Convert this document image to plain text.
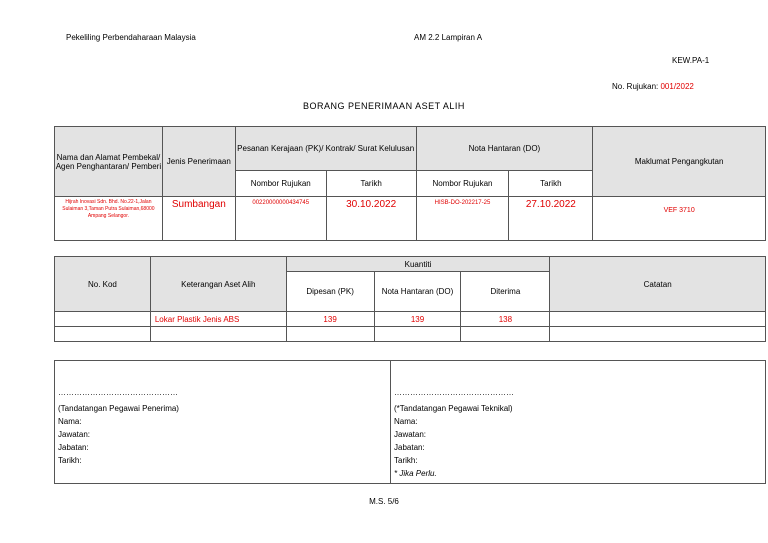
Pekeliling Perbendaharaan Malaysia	AM 2.2 Lampiran A
KEW.PA-1
No. Rujukan: 001/2022
BORANG PENERIMAAN ASET ALIH
Nama dan Alamat Pembekal/ Agen Penghantaran/ Pemberi	Jenis Penerimaan	Pesanan Kerajaan (PK)/ Kontrak/ Surat Kelulusan		Nota Hantaran (DO)		Maklumat Pengangkutan
		Nombor Rujukan	Tarikh	Nombor Rujukan	Tarikh	
Hijrah Inovasi Sdn. Bhd. No.22-1,Jalan Sulaiman 3,Taman Putra Sulaiman,68000 Ampang Selangor.	Sumbangan	00220000000434745	30.10.2022	HISB-DO-202217-25	27.10.2022	VEF 3710
No. Kod	Keterangan Aset Alih	Kuantiti			Catatan
		Dipesan (PK)	Nota Hantaran (DO)	Diterima	
	Lokar Plastik Jenis ABS	139	139	138	

………………………………………
(Tandatangan Pegawai Penerima)
Nama:
Jawatan:
Jabatan:
Tarikh:
………………………………………
(*Tandatangan Pegawai Teknikal)
Nama:
Jawatan:
Jabatan:
Tarikh:
* Jika Perlu.
M.S. 5/6
